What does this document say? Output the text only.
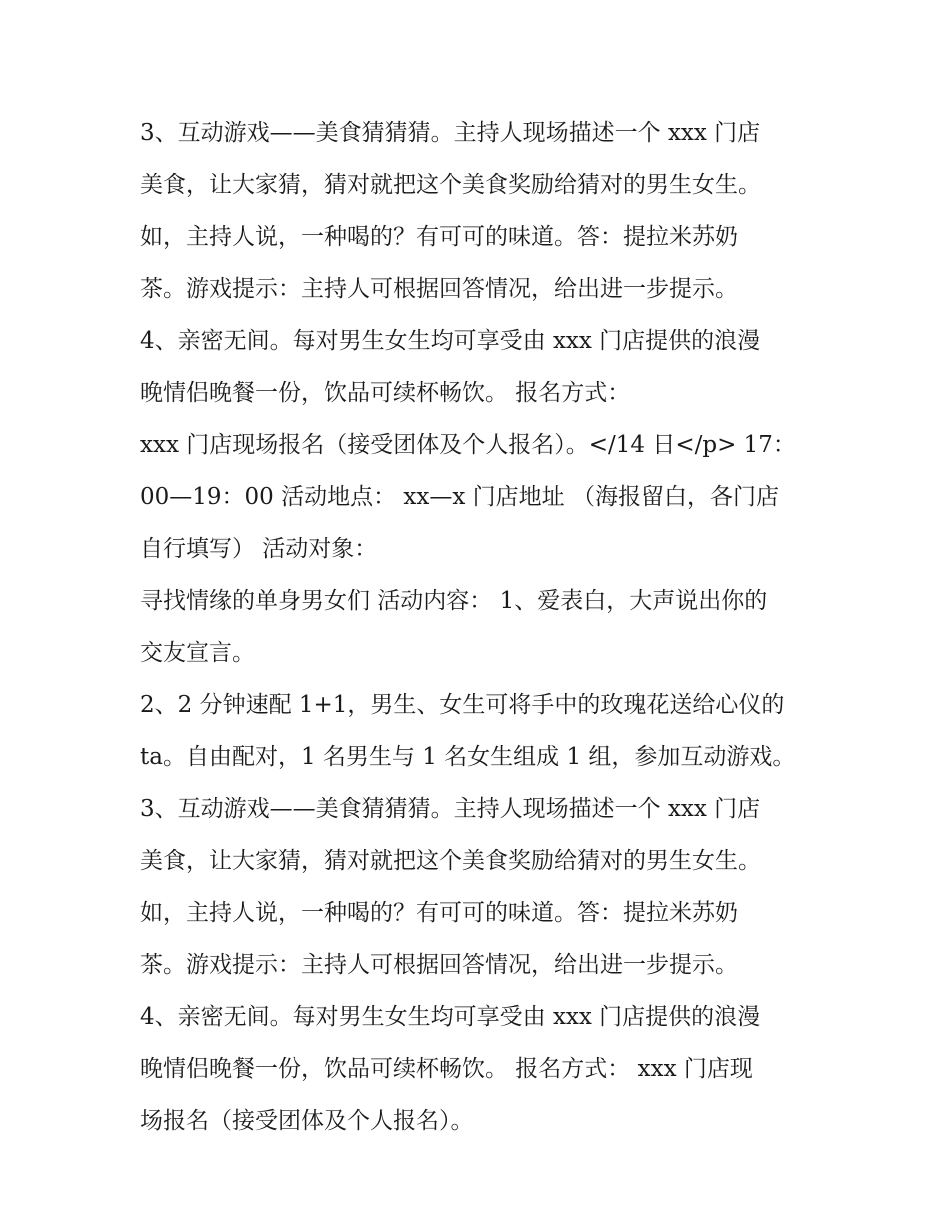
3、互动游戏——美食猜猜猜。主持人现场描述一个 xxx 门店
美食，让大家猜，猜对就把这个美食奖励给猜对的男生女生。
如，主持人说，一种喝的？有可可的味道。答：提拉米苏奶
茶。游戏提示：主持人可根据回答情况，给出进一步提示。
4、亲密无间。每对男生女生均可享受由 xxx 门店提供的浪漫
晚情侣晚餐一份，饮品可续杯畅饮。 报名方式：
xxx 门店现场报名（接受团体及个人报名）。</14 日</p> 17：
00—19：00 活动地点： xx—x 门店地址 （海报留白，各门店
自行填写） 活动对象：
寻找情缘的单身男女们 活动内容： 1、爱表白，大声说出你的
交友宣言。
2、2 分钟速配 1+1，男生、女生可将手中的玫瑰花送给心仪的
ta。自由配对，1 名男生与 1 名女生组成 1 组，参加互动游戏。
3、互动游戏——美食猜猜猜。主持人现场描述一个 xxx 门店
美食，让大家猜，猜对就把这个美食奖励给猜对的男生女生。
如，主持人说，一种喝的？有可可的味道。答：提拉米苏奶
茶。游戏提示：主持人可根据回答情况，给出进一步提示。
4、亲密无间。每对男生女生均可享受由 xxx 门店提供的浪漫
晚情侣晚餐一份，饮品可续杯畅饮。 报名方式： xxx 门店现
场报名（接受团体及个人报名）。
